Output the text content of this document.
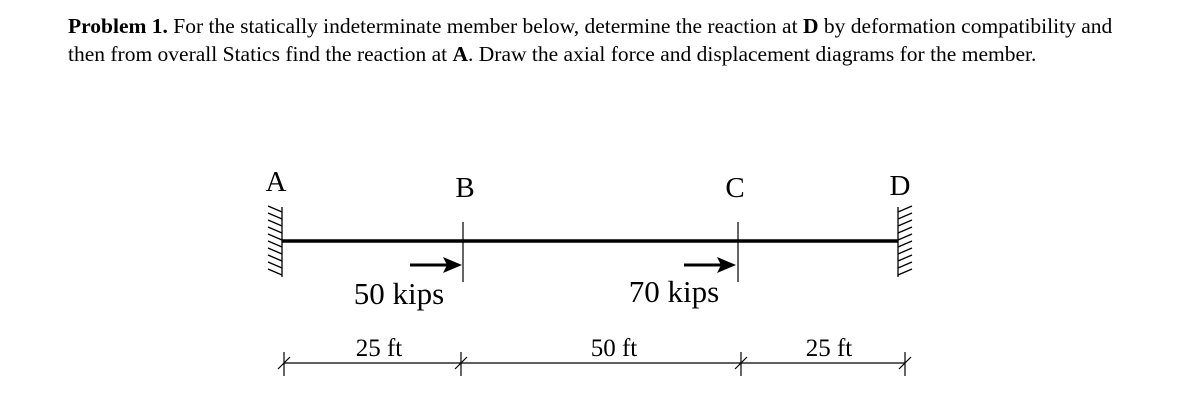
Problem 1. For the statically indeterminate member below, determine the reaction at D by deformation compatibility and then from overall Statics find the reaction at A. Draw the axial force and displacement diagrams for the member.

A	B	C	D
50 kips	70 kips
25 ft	50 ft	25 ft
